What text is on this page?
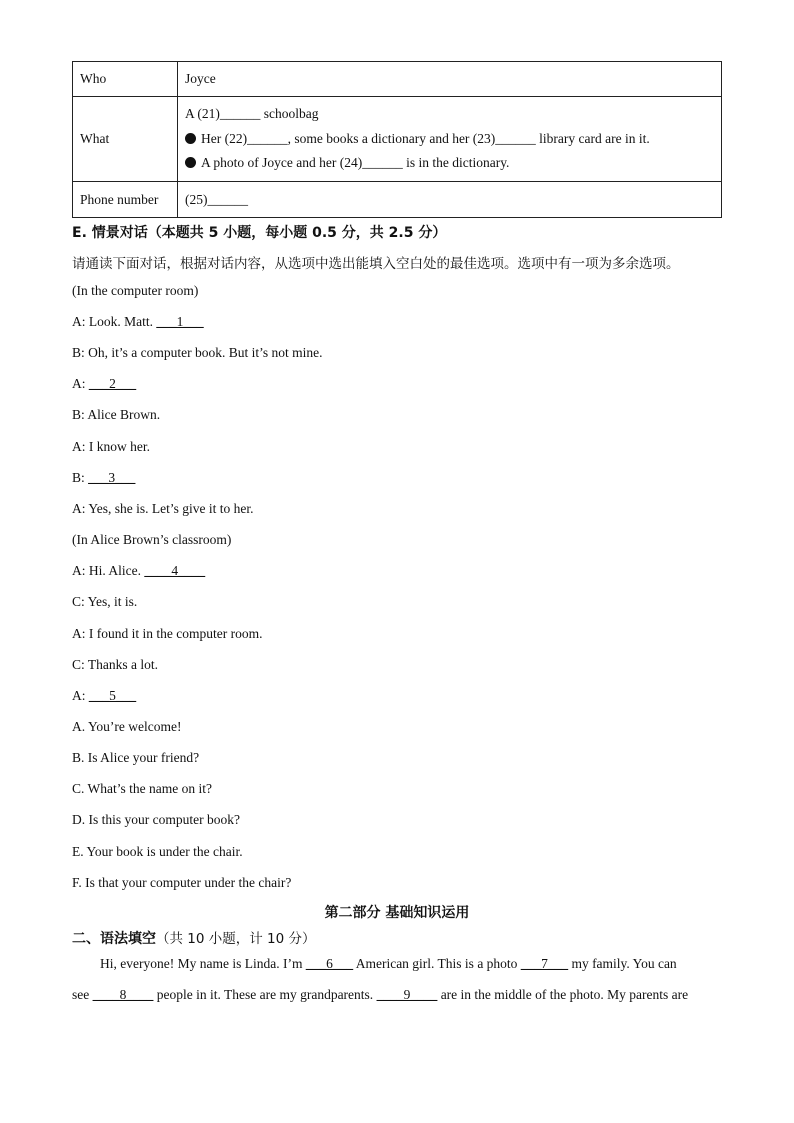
Who	Joyce
What	A (21)______ schoolbag
Her (22)______, some books a dictionary and her (23)______ library card are in it.
A photo of Joyce and her (24)______ is in the dictionary.

Phone number	(25)______
E. 情景对话（本题共 5 小题，每小题 0.5 分，共 2.5 分）
请通读下面对话，根据对话内容，从选项中选出能填入空白处的最佳选项。选项中有一项为多余选项。
(In the computer room)
A: Look. Matt. ___1___
B: Oh, it’s a computer book. But it’s not mine.
A: ___2___
B: Alice Brown.
A: I know her.
B: ___3___
A: Yes, she is. Let’s give it to her.
(In Alice Brown’s classroom)
A: Hi. Alice. ____4____
C: Yes, it is.
A: I found it in the computer room.
C: Thanks a lot.
A: ___5___
A. You’re welcome!
B. Is Alice your friend?
C. What’s the name on it?
D. Is this your computer book?
E. Your book is under the chair.
F. Is that your computer under the chair?
第二部分 基础知识运用
二、语法填空（共 10 小题，计 10 分）
Hi, everyone! My name is Linda. I’m ___6___ American girl. This is a photo ___7___ my family. You can
see ____8____ people in it. These are my grandparents. ____9____ are in the middle of the photo. My parents are
